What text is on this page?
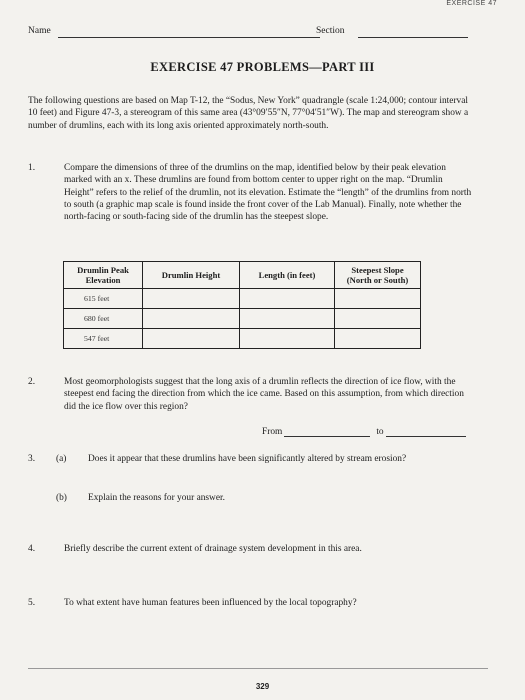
EXERCISE 47
Name	Section
EXERCISE 47 PROBLEMS—PART III
The following questions are based on Map T-12, the “Sodus, New York” quadrangle (scale 1:24,000; contour interval 10 feet) and Figure 47-3, a stereogram of this same area (43°09′55″N, 77°04′51″W). The map and stereogram show a number of drumlins, each with its long axis oriented approximately north-south.
1.	Compare the dimensions of three of the drumlins on the map, identified below by their peak elevation marked with an x. These drumlins are found from bottom center to upper right on the map. “Drumlin Height” refers to the relief of the drumlin, not its elevation. Estimate the “length” of the drumlins from north to south (a graphic map scale is found inside the front cover of the Lab Manual). Finally, note whether the north-facing or south-facing side of the drumlin has the steepest slope.
Drumlin Peak Elevation	Drumlin Height	Length (in feet)	Steepest Slope (North or South)
615 feet			
680 feet			
547 feet			
2.	Most geomorphologists suggest that the long axis of a drumlin reflects the direction of ice flow, with the steepest end facing the direction from which the ice came. Based on this assumption, from which direction did the ice flow over this region?
From	to
3. (a) Does it appear that these drumlins have been significantly altered by stream erosion?
(b) Explain the reasons for your answer.
4.	Briefly describe the current extent of drainage system development in this area.
5.	To what extent have human features been influenced by the local topography?
329
